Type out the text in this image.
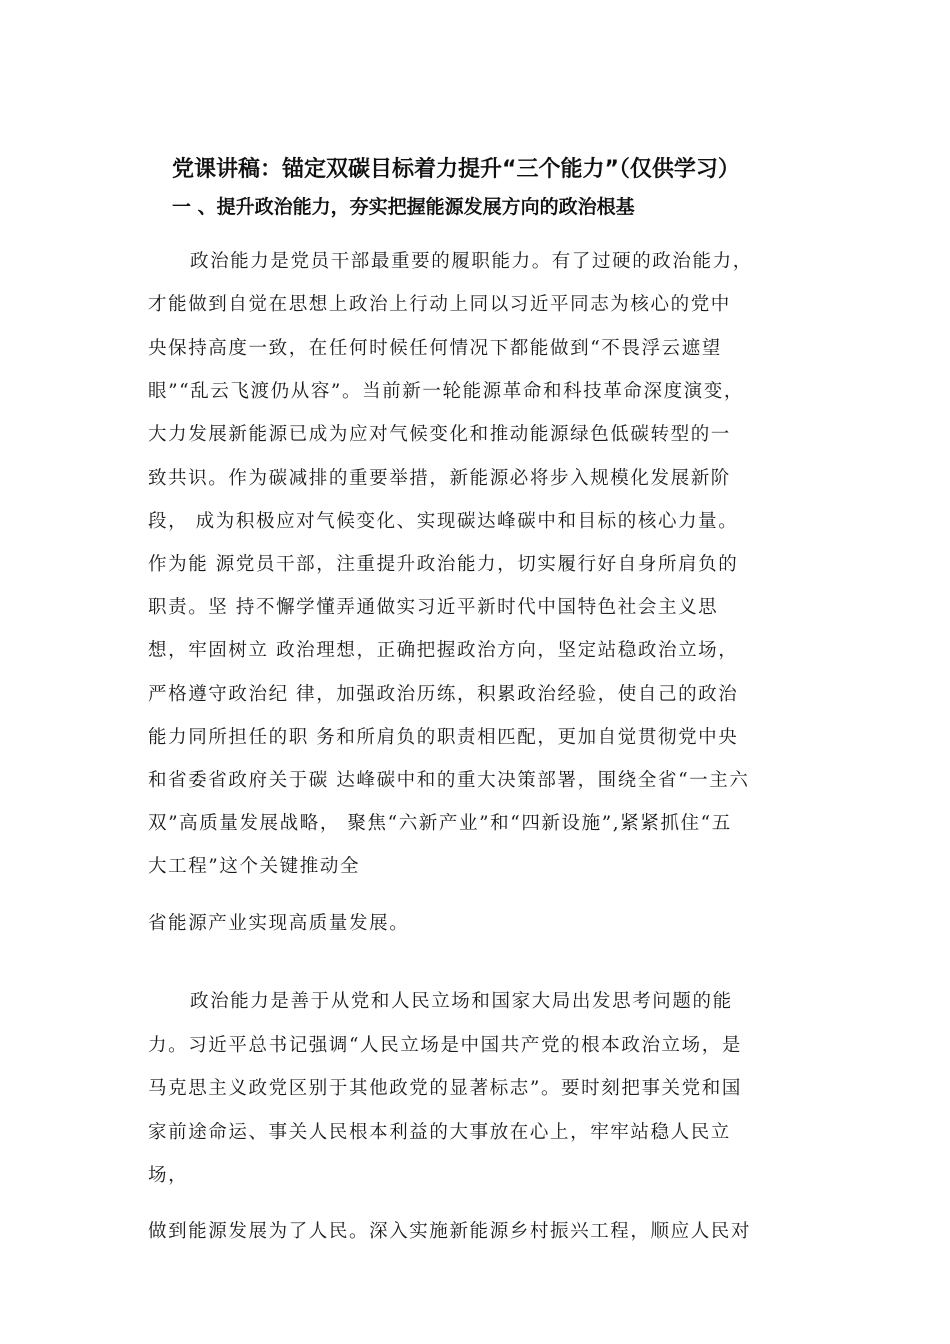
党课讲稿：锚定双碳目标着力提升“三个能力”（仅供学习）
一 、提升政治能力，夯实把握能源发展方向的政治根基
政治能力是党员干部最重要的履职能力。有了过硬的政治能力，
才能做到自觉在思想上政治上行动上同以习近平同志为核心的党中
央保持高度一致，在任何时候任何情况下都能做到“不畏浮云遮望
眼”“乱云飞渡仍从容”。当前新一轮能源革命和科技革命深度演变，
大力发展新能源已成为应对气候变化和推动能源绿色低碳转型的一
致共识。作为碳减排的重要举措，新能源必将步入规模化发展新阶
段， 成为积极应对气候变化、实现碳达峰碳中和目标的核心力量。
作为能 源党员干部，注重提升政治能力，切实履行好自身所肩负的
职责。坚 持不懈学懂弄通做实习近平新时代中国特色社会主义思
想，牢固树立 政治理想，正确把握政治方向，坚定站稳政治立场，
严格遵守政治纪 律，加强政治历练，积累政治经验，使自己的政治
能力同所担任的职 务和所肩负的职责相匹配，更加自觉贯彻党中央
和省委省政府关于碳 达峰碳中和的重大决策部署，围绕全省“一主六
双”高质量发展战略， 聚焦“六新产业”和“四新设施”,紧紧抓住“五
大工程”这个关键推动全
省能源产业实现高质量发展。
政治能力是善于从党和人民立场和国家大局出发思考问题的能
力。习近平总书记强调“人民立场是中国共产党的根本政治立场，是
马克思主义政党区别于其他政党的显著标志”。要时刻把事关党和国
家前途命运、事关人民根本利益的大事放在心上，牢牢站稳人民立
场，
做到能源发展为了人民。深入实施新能源乡村振兴工程，顺应人民对
